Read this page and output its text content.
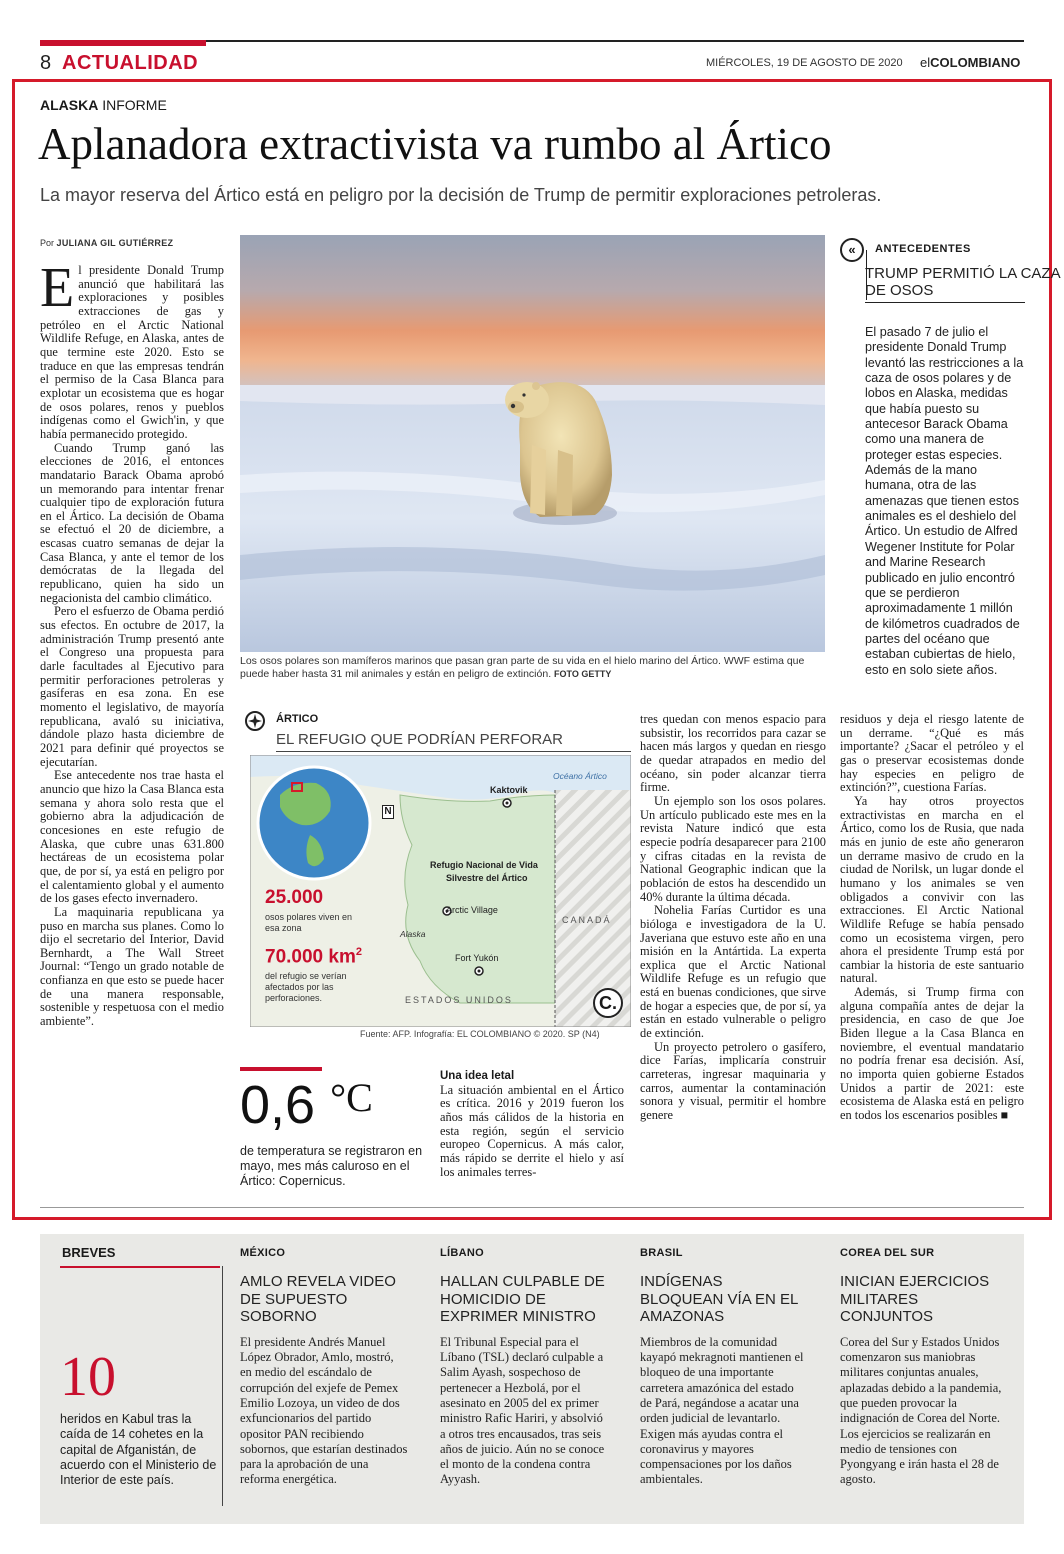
8 ACTUALIDAD	MIÉRCOLES, 19 DE AGOSTO DE 2020 elCOLOMBIANO
ALASKA INFORME
Aplanadora extractivista va rumbo al Ártico
La mayor reserva del Ártico está en peligro por la decisión de Trump de permitir exploraciones petroleras.
Por JULIANA GIL GUTIÉRREZ

El presidente Donald Trump anunció que habilitará las exploraciones y posibles extracciones de gas y petróleo en el Arctic National Wildlife Refuge, en Alaska, antes de que termine este 2020. Esto se traduce en que las empresas tendrán el permiso de la Casa Blanca para explotar un ecosistema que es hogar de osos polares, renos y pueblos indígenas como el Gwich'in, y que había permanecido protegido.

Cuando Trump ganó las elecciones de 2016, el entonces mandatario Barack Obama aprobó un memorando para intentar frenar cualquier tipo de exploración futura en el Ártico. La decisión de Obama se efectuó el 20 de diciembre, a escasas cuatro semanas de dejar la Casa Blanca, y ante el temor de los demócratas de la llegada del republicano, quien ha sido un negacionista del cambio climático.

Pero el esfuerzo de Obama perdió sus efectos. En octubre de 2017, la administración Trump presentó ante el Congreso una propuesta para darle facultades al Ejecutivo para permitir perforaciones petroleras y gasíferas en esa zona. En ese momento el legislativo, de mayoría republicana, avaló su iniciativa, dándole plazo hasta diciembre de 2021 para definir qué proyectos se ejecutarían.

Ese antecedente nos trae hasta el anuncio que hizo la Casa Blanca esta semana y ahora solo resta que el gobierno abra la adjudicación de concesiones en este refugio de Alaska, que cubre unas 631.800 hectáreas de un ecosistema polar que, de por sí, ya está en peligro por el calentamiento global y el aumento de los gases efecto invernadero.

La maquinaria republicana ya puso en marcha sus planes. Como lo dijo el secretario del Interior, David Bernhardt, a The Wall Street Journal: “Tengo un grado notable de confianza en que esto se puede hacer de una manera responsable, sostenible y respetuosa con el medio ambiente”.

Los osos polares son mamíferos marinos que pasan gran parte de su vida en el hielo marino del Ártico. WWF estima que puede haber hasta 31 mil animales y están en peligro de extinción. FOTO GETTY
«	ANTECEDENTES
TRUMP PERMITIÓ LA CAZA DE OSOS
El pasado 7 de julio el presidente Donald Trump levantó las restricciones a la caza de osos polares y de lobos en Alaska, medidas que había puesto su antecesor Barack Obama como una manera de proteger estas especies. Además de la mano humana, otra de las amenazas que tienen estos animales es el deshielo del Ártico. Un estudio de Alfred Wegener Institute for Polar and Marine Research publicado en julio encontró que se perdieron aproximadamente 1 millón de kilómetros cuadrados de partes del océano que estaban cubiertas de hielo, esto en solo siete años.
ÁRTICO
EL REFUGIO QUE PODRÍAN PERFORAR
Océano Ártico
Kaktovik
Refugio Nacional de Vida
Silvestre del Ártico
Arctic Village
Alaska
Fort Yukón
CANADÁ
ESTADOS UNIDOS
N
25.000
osos polares viven en esa zona
70.000 $km^2$
del refugio se verían afectados por las perforaciones.	C.
Fuente: AFP. Infografía: EL COLOMBIANO © 2020. SP (N4)
0,6 $^{^\circ C}$
de temperatura se registraron en mayo, mes más caluroso en el Ártico: Copernicus.
Una idea letal

La situación ambiental en el Ártico es crítica. 2016 y 2019 fueron los años más cálidos de la historia en esta región, según el servicio europeo Copernicus. A más calor, más rápido se derrite el hielo y así los animales terres-

tres quedan con menos espacio para subsistir, los recorridos para cazar se hacen más largos y quedan en riesgo de quedar atrapados en medio del océano, sin poder alcanzar tierra firme.

Un ejemplo son los osos polares. Un artículo publicado este mes en la revista Nature indicó que esta especie podría desaparecer para 2100 y cifras citadas en la revista de National Geographic indican que la población de estos ha descendido un 40% durante la última década.

Nohelia Farías Curtidor es una bióloga e investigadora de la U. Javeriana que estuvo este año en una misión en la Antártida. La experta explica que el Arctic National Wildlife Refuge es un refugio que está en buenas condiciones, que sirve de hogar a especies que, de por sí, ya están en estado vulnerable o peligro de extinción.

Un proyecto petrolero o gasífero, dice Farías, implicaría construir carreteras, ingresar maquinaria y carros, aumentar la contaminación sonora y visual, permitir el hombre genere

residuos y deja el riesgo latente de un derrame. “¿Qué es más importante? ¿Sacar el petróleo y el gas o preservar ecosistemas donde hay especies en peligro de extinción?”, cuestiona Farías.

Ya hay otros proyectos extractivistas en marcha en el Ártico, como los de Rusia, que nada más en junio de este año generaron un derrame masivo de crudo en la ciudad de Norilsk, un lugar donde el humano y los animales se ven obligados a convivir con las extracciones. El Arctic National Wildlife Refuge se había pensado como un ecosistema virgen, pero ahora el presidente Trump está por cambiar la historia de este santuario natural.

Además, si Trump firma con alguna compañía antes de dejar la presidencia, en caso de que Joe Biden llegue a la Casa Blanca en noviembre, el eventual mandatario no podría frenar esa decisión. Así, no importa quien gobierne Estados Unidos a partir de 2021: este ecosistema de Alaska está en peligro en todos los escenarios posibles ■

BREVES
10
heridos en Kabul tras la caída de 14 cohetes en la capital de Afganistán, de acuerdo con el Ministerio de Interior de este país.
MÉXICO
AMLO REVELA VIDEO DE SUPUESTO SOBORNO
El presidente Andrés Manuel López Obrador, Amlo, mostró, en medio del escándalo de corrupción del exjefe de Pemex Emilio Lozoya, un video de dos exfuncionarios del partido opositor PAN recibiendo sobornos, que estarían destinados para la aprobación de una reforma energética.
LÍBANO
HALLAN CULPABLE DE HOMICIDIO DE EXPRIMER MINISTRO
El Tribunal Especial para el Líbano (TSL) declaró culpable a Salim Ayash, sospechoso de pertenecer a Hezbolá, por el asesinato en 2005 del ex primer ministro Rafic Hariri, y absolvió a otros tres encausados, tras seis años de juicio. Aún no se conoce el monto de la condena contra Ayyash.
BRASIL
INDÍGENAS BLOQUEAN VÍA EN EL AMAZONAS
Miembros de la comunidad kayapó mekragnoti mantienen el bloqueo de una importante carretera amazónica del estado de Pará, negándose a acatar una orden judicial de levantarlo. Exigen más ayudas contra el coronavirus y mayores compensaciones por los daños ambientales.
COREA DEL SUR
INICIAN EJERCICIOS MILITARES CONJUNTOS
Corea del Sur y Estados Unidos comenzaron sus maniobras militares conjuntas anuales, aplazadas debido a la pandemia, que pueden provocar la indignación de Corea del Norte. Los ejercicios se realizarán en medio de tensiones con Pyongyang e irán hasta el 28 de agosto.
